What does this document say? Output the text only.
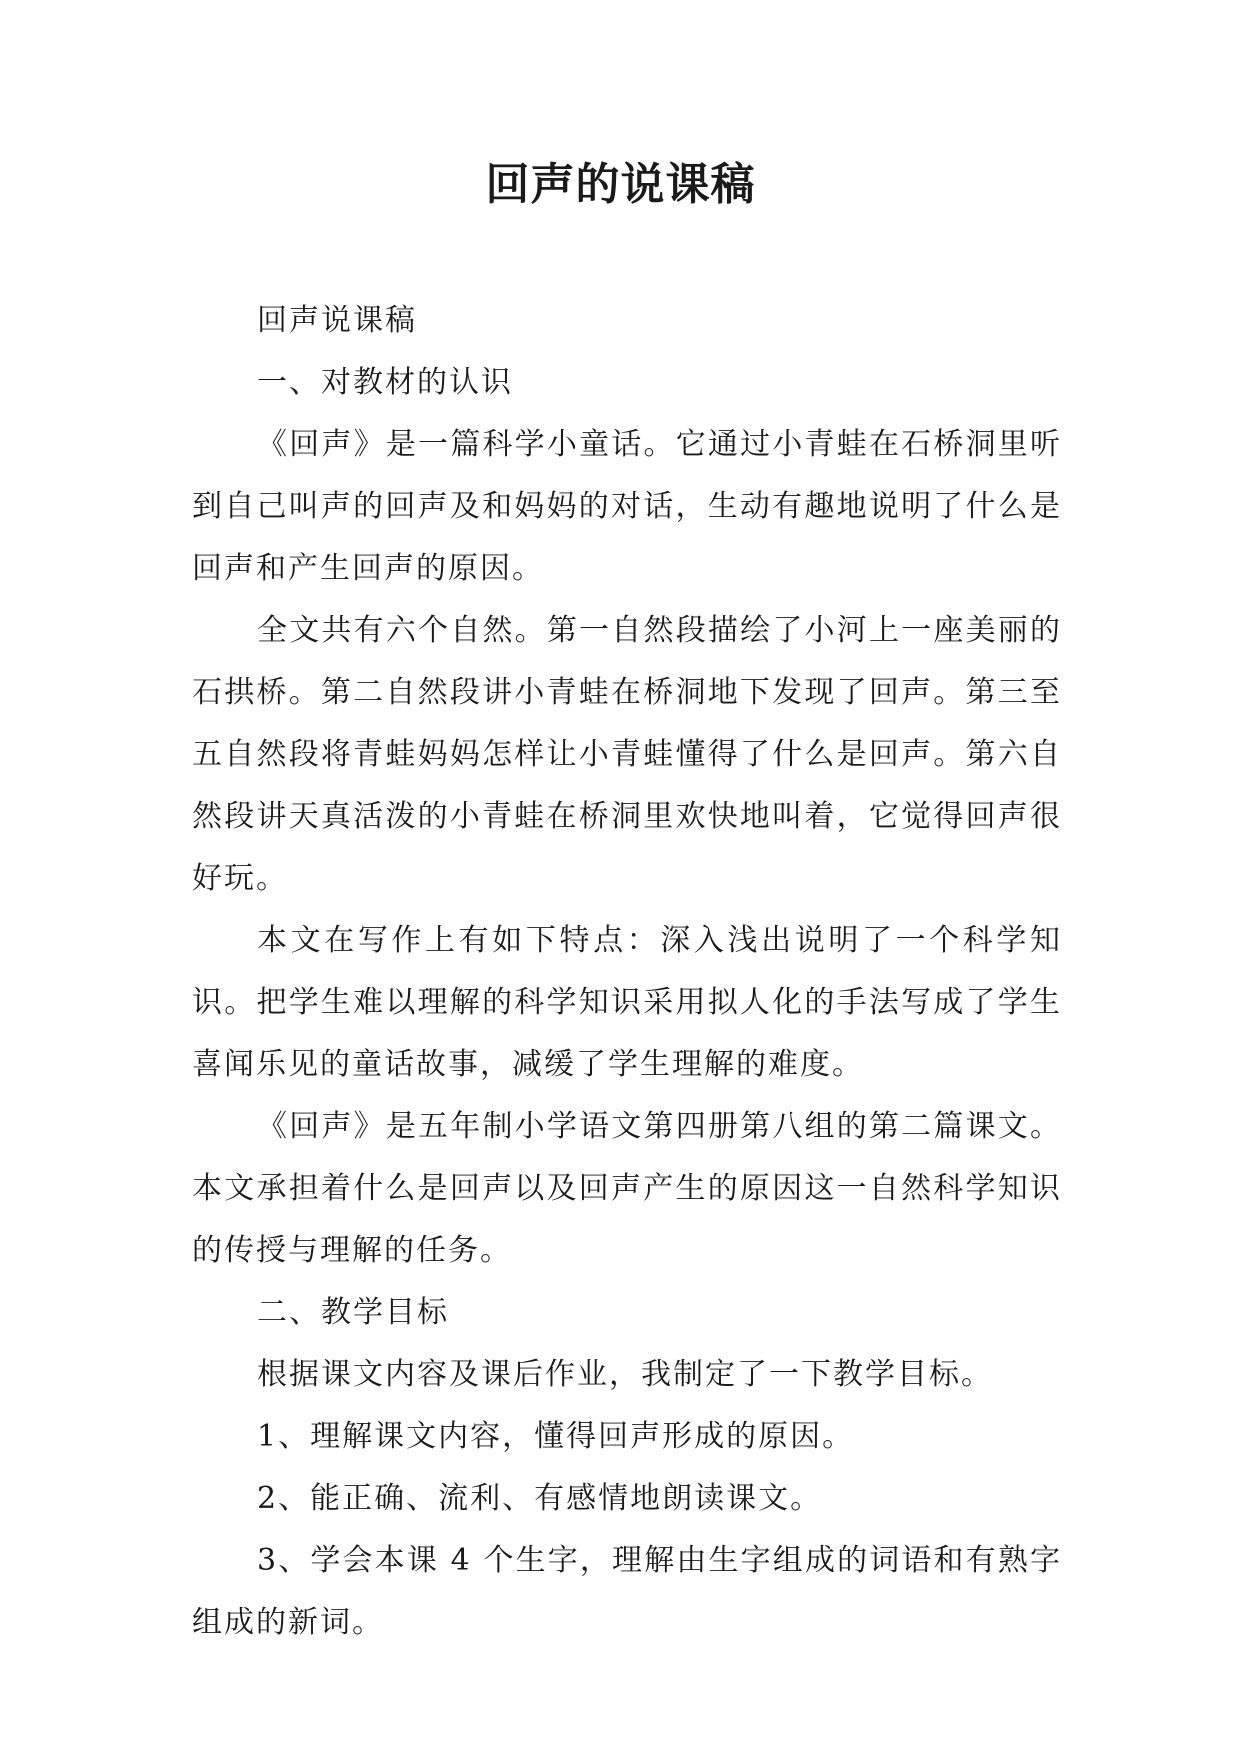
回声的说课稿

回声说课稿

一、对教材的认识

《回声》是一篇科学小童话。它通过小青蛙在石桥洞里听到自己叫声的回声及和妈妈的对话，生动有趣地说明了什么是回声和产生回声的原因。

全文共有六个自然。第一自然段描绘了小河上一座美丽的石拱桥。第二自然段讲小青蛙在桥洞地下发现了回声。第三至五自然段将青蛙妈妈怎样让小青蛙懂得了什么是回声。第六自然段讲天真活泼的小青蛙在桥洞里欢快地叫着，它觉得回声很好玩。

本文在写作上有如下特点：深入浅出说明了一个科学知识。把学生难以理解的科学知识采用拟人化的手法写成了学生喜闻乐见的童话故事，减缓了学生理解的难度。

《回声》是五年制小学语文第四册第八组的第二篇课文。本文承担着什么是回声以及回声产生的原因这一自然科学知识的传授与理解的任务。

二、教学目标

根据课文内容及课后作业，我制定了一下教学目标。

1、理解课文内容，懂得回声形成的原因。

2、能正确、流利、有感情地朗读课文。

3、学会本课 4 个生字，理解由生字组成的词语和有熟字组成的新词。
